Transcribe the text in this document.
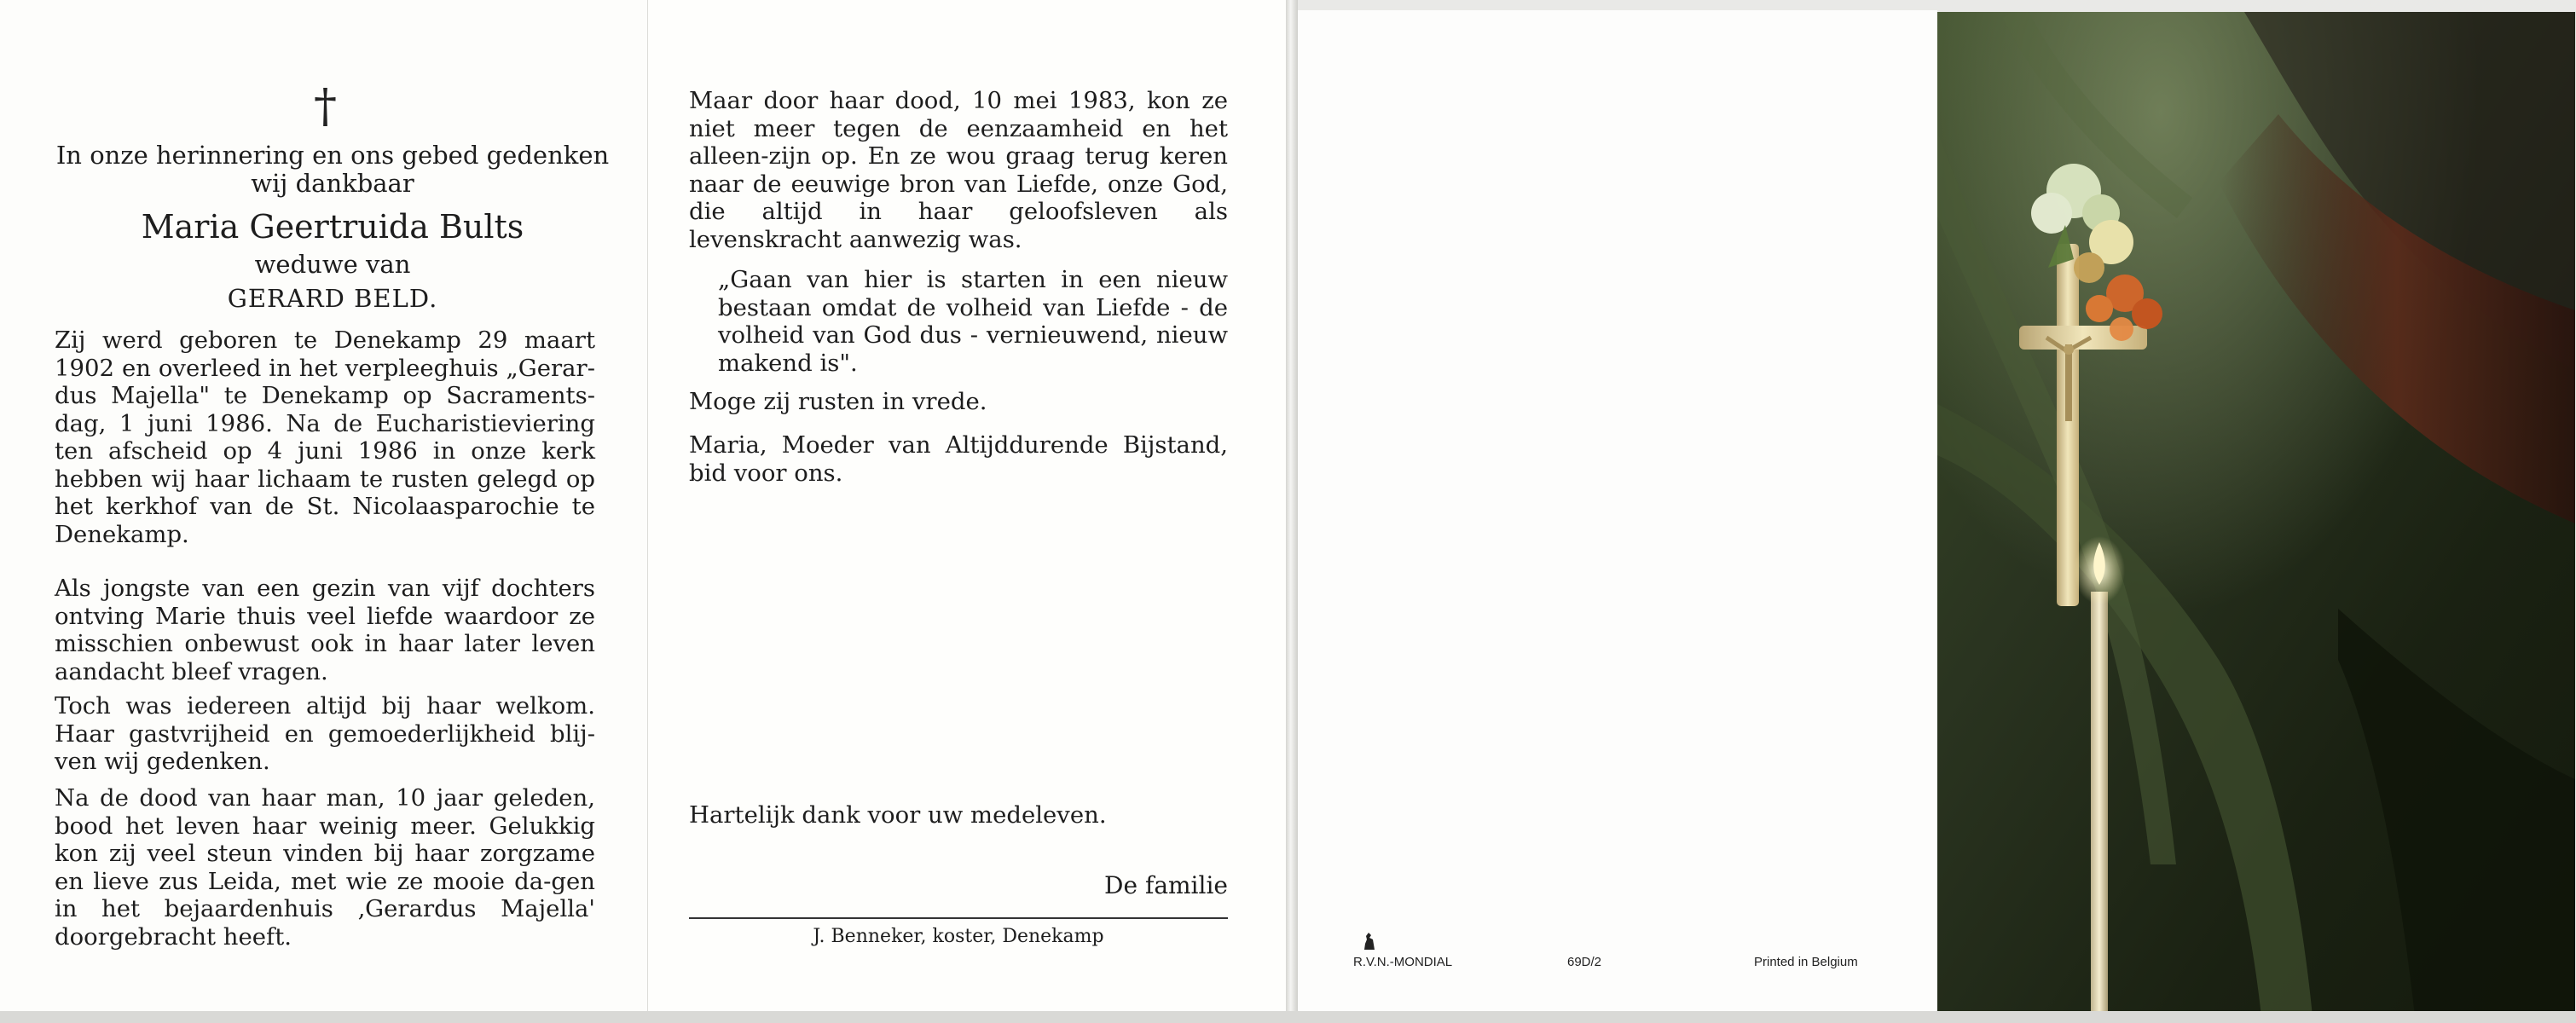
†
In onze herinnering en ons gebed gedenken wij dankbaar
Maria Geertruida Bults
weduwe van
GERARD BELD.

Zij werd geboren te Denekamp 29 maart 1902 en overleed in het verpleeghuis „Gerar-dus Majella" te Denekamp op Sacraments-dag, 1 juni 1986. Na de Eucharistieviering ten afscheid op 4 juni 1986 in onze kerk hebben wij haar lichaam te rusten gelegd op het kerkhof van de St. Nicolaasparochie te Denekamp.

Als jongste van een gezin van vijf dochters ontving Marie thuis veel liefde waardoor ze misschien onbewust ook in haar later leven aandacht bleef vragen.

Toch was iedereen altijd bij haar welkom. Haar gastvrijheid en gemoederlijkheid blij-ven wij gedenken.

Na de dood van haar man, 10 jaar geleden, bood het leven haar weinig meer. Gelukkig kon zij veel steun vinden bij haar zorgzame en lieve zus Leida, met wie ze mooie da-gen in het bejaardenhuis ‚Gerardus Majella' doorgebracht heeft.

Maar door haar dood, 10 mei 1983, kon ze niet meer tegen de eenzaamheid en het alleen-zijn op. En ze wou graag terug keren naar de eeuwige bron van Liefde, onze God, die altijd in haar geloofsleven als levenskracht aanwezig was.

„Gaan van hier is starten in een nieuw bestaan omdat de volheid van Liefde - de volheid van God dus - vernieuwend, nieuw makend is".

Moge zij rusten in vrede.

Maria, Moeder van Altijddurende Bijstand, bid voor ons.

Hartelijk dank voor uw medeleven.

De familie
J. Benneker, koster, Denekamp
R.V.N.-MONDIAL	69D/2	Printed in Belgium
